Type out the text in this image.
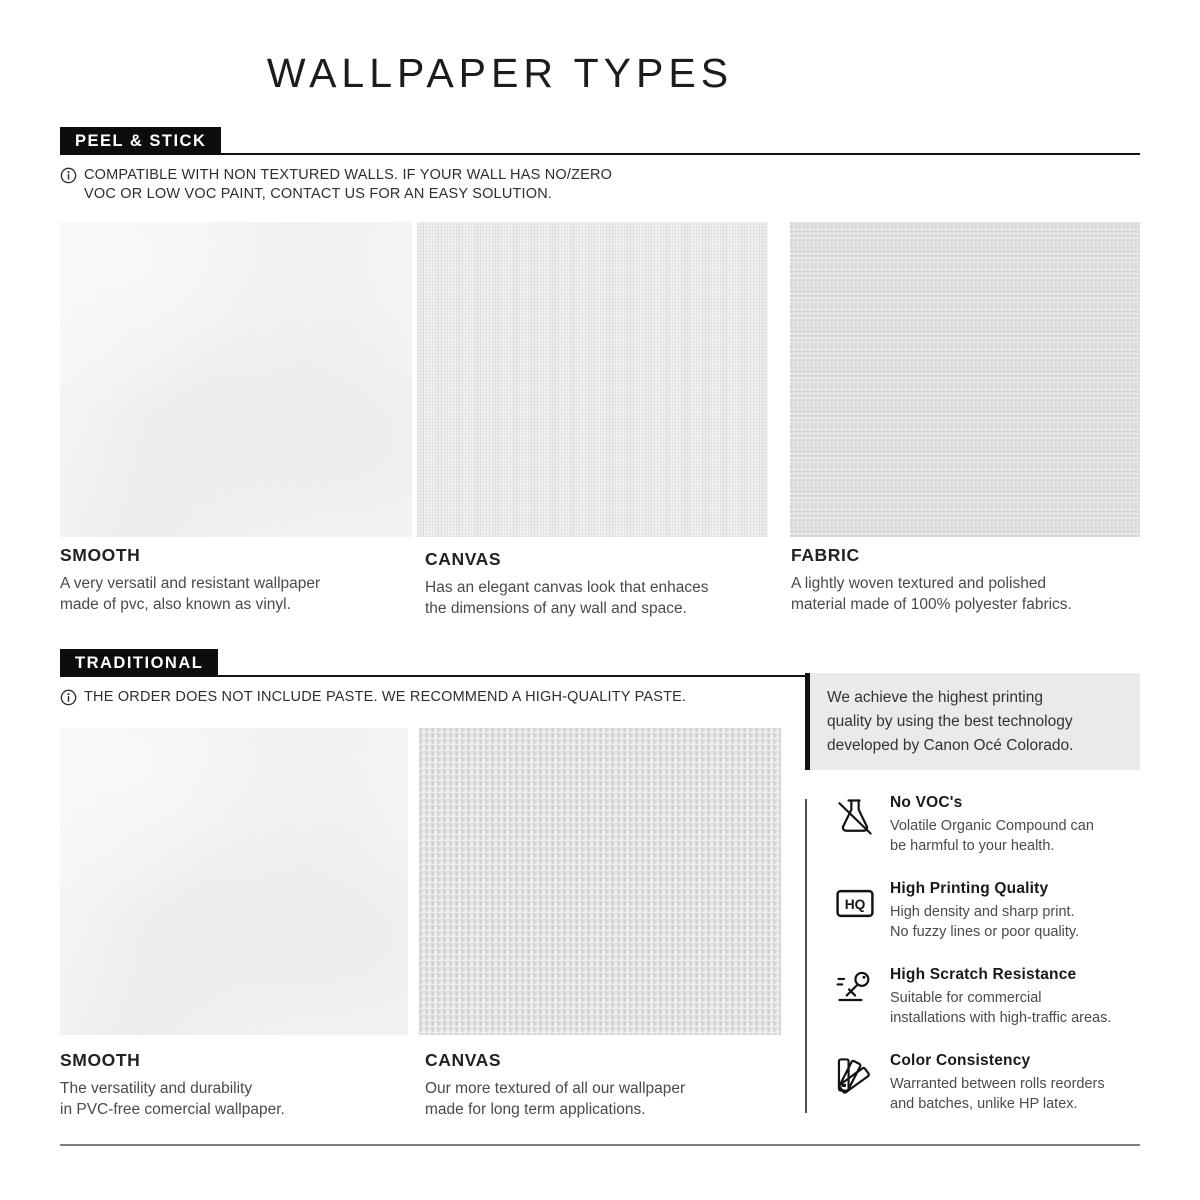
WALLPAPER TYPES
PEEL & STICK
COMPATIBLE WITH NON TEXTURED WALLS. IF YOUR WALL HAS NO/ZERO
VOC OR LOW VOC PAINT, CONTACT US FOR AN EASY SOLUTION.
SMOOTH
A very versatil and resistant wallpaper
made of pvc, also known as vinyl.
CANVAS
Has an elegant canvas look that enhaces
the dimensions of any wall and space.
FABRIC
A lightly woven textured and polished
material made of 100% polyester fabrics.
TRADITIONAL
THE ORDER DOES NOT INCLUDE PASTE. WE RECOMMEND A HIGH-QUALITY PASTE.
SMOOTH
The versatility and durability
in PVC-free comercial wallpaper.
CANVAS
Our more textured of all our wallpaper
made for long term applications.
We achieve the highest printing
quality by using the best technology
developed by Canon Océ Colorado.
No VOC's
Volatile Organic Compound can
be harmful to your health.
HQ
High Printing Quality
High density and sharp print.
No fuzzy lines or poor quality.
High Scratch Resistance
Suitable for commercial
installations with high-traffic areas.
Color Consistency
Warranted between rolls reorders
and batches, unlike HP latex.
